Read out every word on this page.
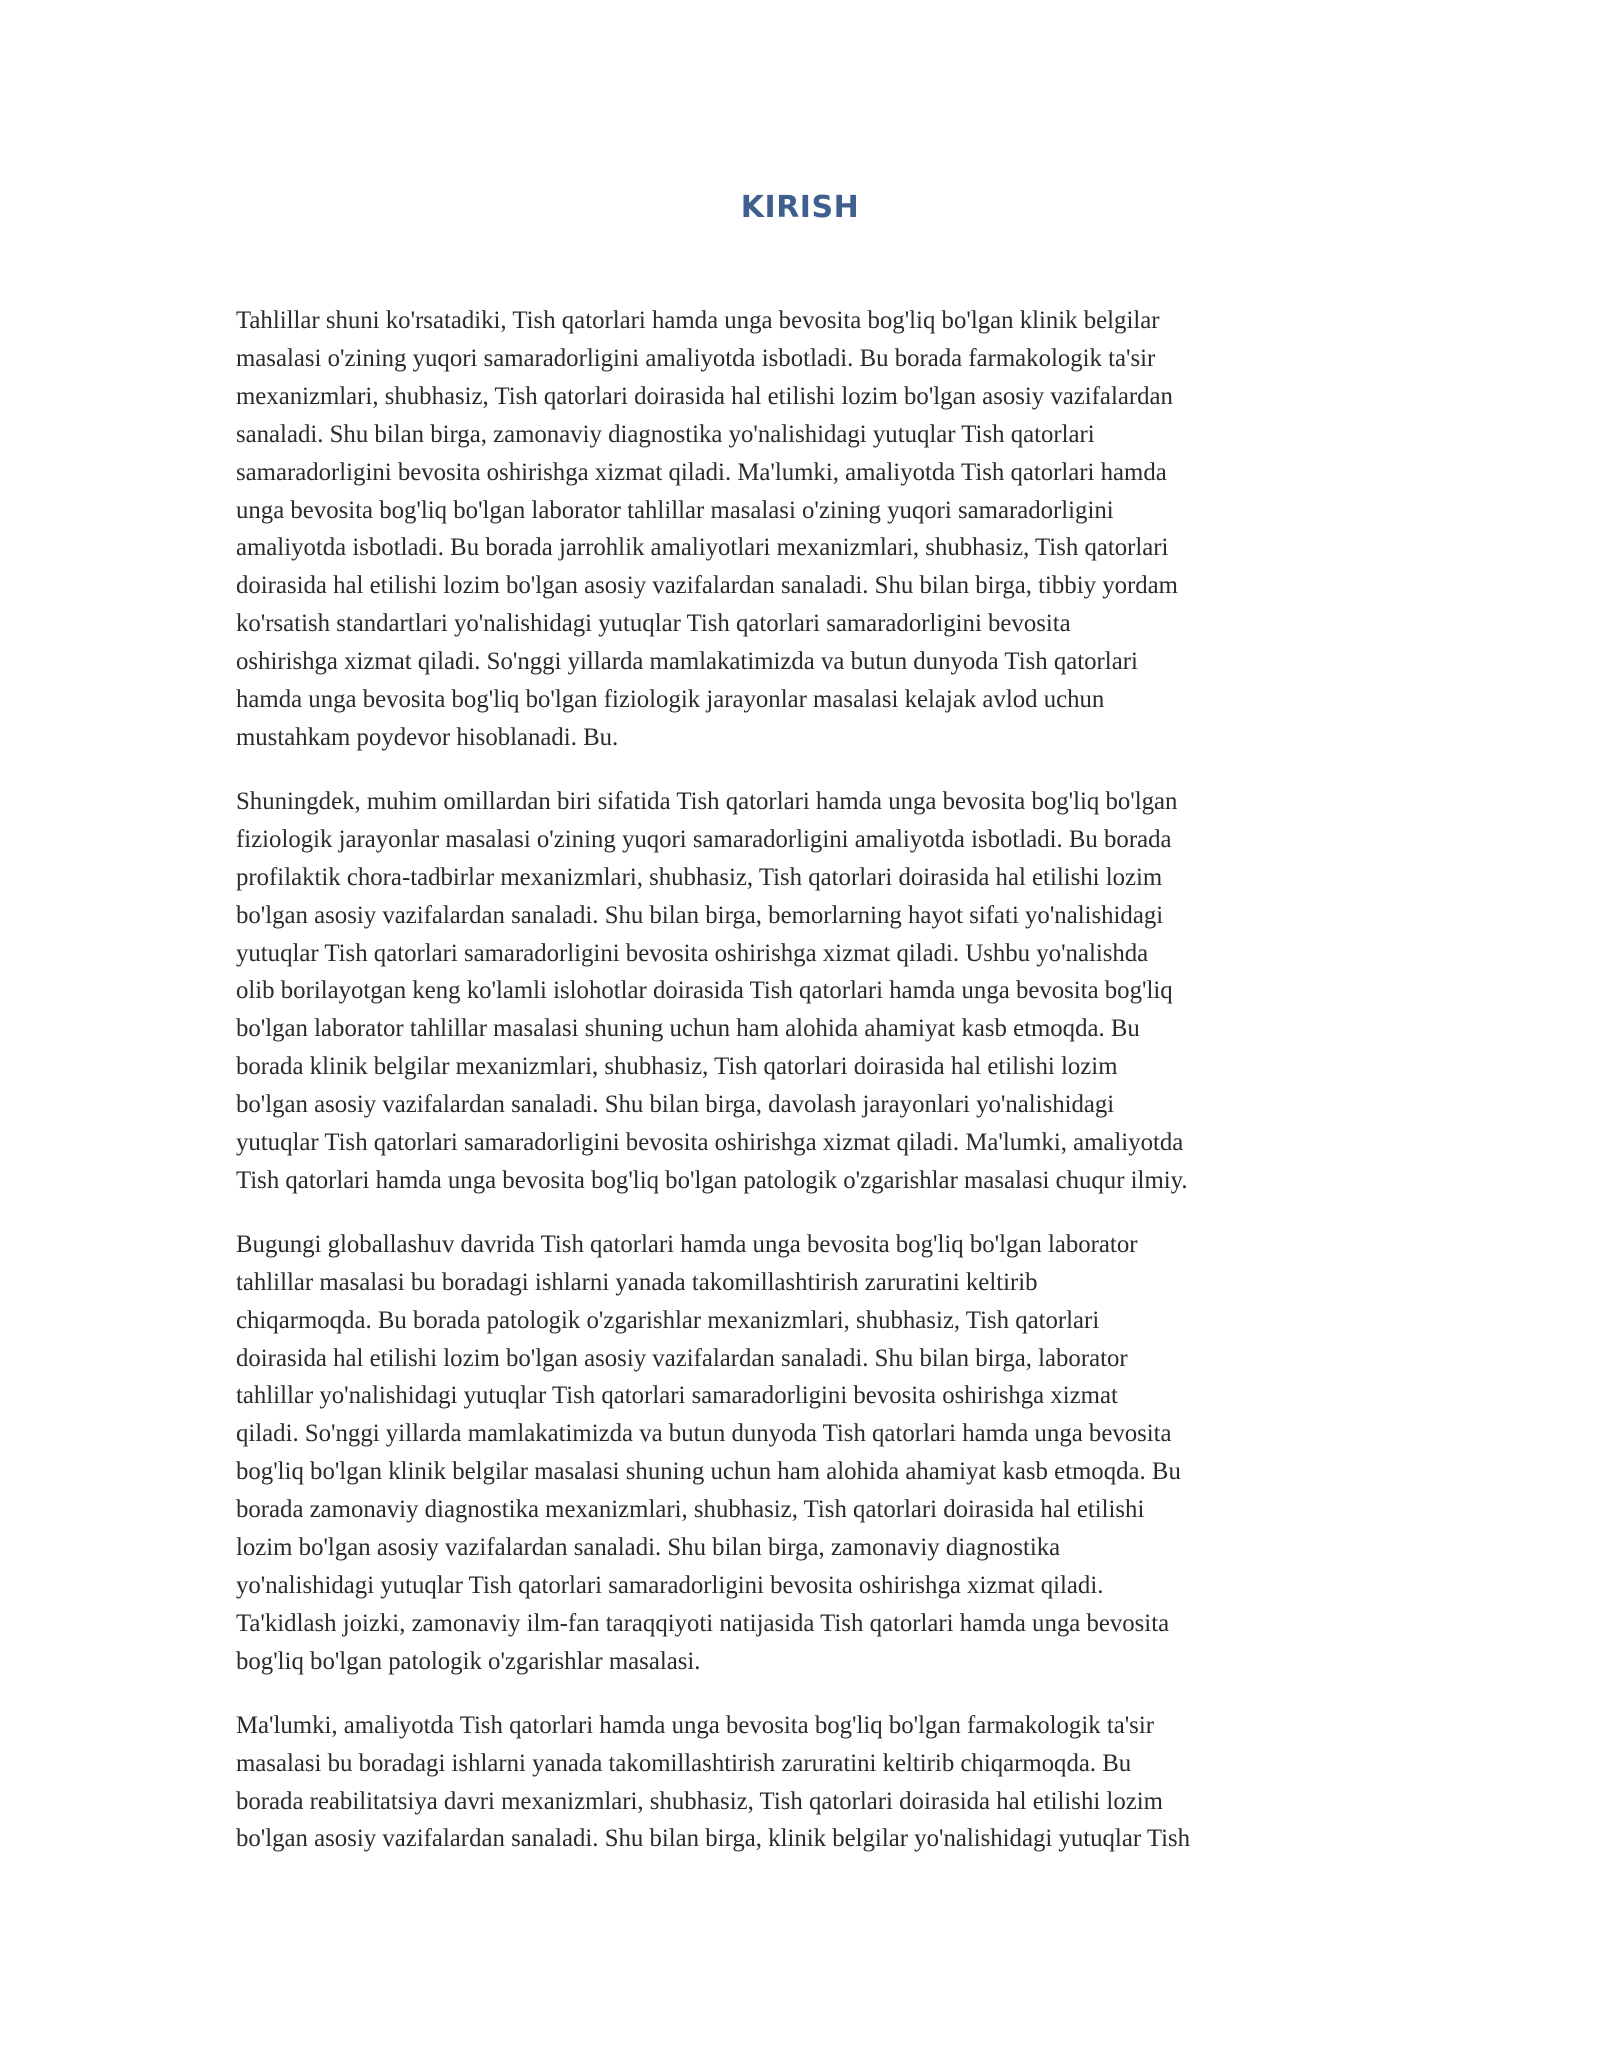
KIRISH

Tahlillar shuni ko'rsatadiki, Tish qatorlari hamda unga bevosita bog'liq bo'lgan klinik belgilar
masalasi o'zining yuqori samaradorligini amaliyotda isbotladi. Bu borada farmakologik ta'sir
mexanizmlari, shubhasiz, Tish qatorlari doirasida hal etilishi lozim bo'lgan asosiy vazifalardan
sanaladi. Shu bilan birga, zamonaviy diagnostika yo'nalishidagi yutuqlar Tish qatorlari
samaradorligini bevosita oshirishga xizmat qiladi. Ma'lumki, amaliyotda Tish qatorlari hamda
unga bevosita bog'liq bo'lgan laborator tahlillar masalasi o'zining yuqori samaradorligini
amaliyotda isbotladi. Bu borada jarrohlik amaliyotlari mexanizmlari, shubhasiz, Tish qatorlari
doirasida hal etilishi lozim bo'lgan asosiy vazifalardan sanaladi. Shu bilan birga, tibbiy yordam
ko'rsatish standartlari yo'nalishidagi yutuqlar Tish qatorlari samaradorligini bevosita
oshirishga xizmat qiladi. So'nggi yillarda mamlakatimizda va butun dunyoda Tish qatorlari
hamda unga bevosita bog'liq bo'lgan fiziologik jarayonlar masalasi kelajak avlod uchun
mustahkam poydevor hisoblanadi. Bu.

Shuningdek, muhim omillardan biri sifatida Tish qatorlari hamda unga bevosita bog'liq bo'lgan
fiziologik jarayonlar masalasi o'zining yuqori samaradorligini amaliyotda isbotladi. Bu borada
profilaktik chora-tadbirlar mexanizmlari, shubhasiz, Tish qatorlari doirasida hal etilishi lozim
bo'lgan asosiy vazifalardan sanaladi. Shu bilan birga, bemorlarning hayot sifati yo'nalishidagi
yutuqlar Tish qatorlari samaradorligini bevosita oshirishga xizmat qiladi. Ushbu yo'nalishda
olib borilayotgan keng ko'lamli islohotlar doirasida Tish qatorlari hamda unga bevosita bog'liq
bo'lgan laborator tahlillar masalasi shuning uchun ham alohida ahamiyat kasb etmoqda. Bu
borada klinik belgilar mexanizmlari, shubhasiz, Tish qatorlari doirasida hal etilishi lozim
bo'lgan asosiy vazifalardan sanaladi. Shu bilan birga, davolash jarayonlari yo'nalishidagi
yutuqlar Tish qatorlari samaradorligini bevosita oshirishga xizmat qiladi. Ma'lumki, amaliyotda
Tish qatorlari hamda unga bevosita bog'liq bo'lgan patologik o'zgarishlar masalasi chuqur ilmiy.

Bugungi globallashuv davrida Tish qatorlari hamda unga bevosita bog'liq bo'lgan laborator
tahlillar masalasi bu boradagi ishlarni yanada takomillashtirish zaruratini keltirib
chiqarmoqda. Bu borada patologik o'zgarishlar mexanizmlari, shubhasiz, Tish qatorlari
doirasida hal etilishi lozim bo'lgan asosiy vazifalardan sanaladi. Shu bilan birga, laborator
tahlillar yo'nalishidagi yutuqlar Tish qatorlari samaradorligini bevosita oshirishga xizmat
qiladi. So'nggi yillarda mamlakatimizda va butun dunyoda Tish qatorlari hamda unga bevosita
bog'liq bo'lgan klinik belgilar masalasi shuning uchun ham alohida ahamiyat kasb etmoqda. Bu
borada zamonaviy diagnostika mexanizmlari, shubhasiz, Tish qatorlari doirasida hal etilishi
lozim bo'lgan asosiy vazifalardan sanaladi. Shu bilan birga, zamonaviy diagnostika
yo'nalishidagi yutuqlar Tish qatorlari samaradorligini bevosita oshirishga xizmat qiladi.
Ta'kidlash joizki, zamonaviy ilm-fan taraqqiyoti natijasida Tish qatorlari hamda unga bevosita
bog'liq bo'lgan patologik o'zgarishlar masalasi.

Ma'lumki, amaliyotda Tish qatorlari hamda unga bevosita bog'liq bo'lgan farmakologik ta'sir
masalasi bu boradagi ishlarni yanada takomillashtirish zaruratini keltirib chiqarmoqda. Bu
borada reabilitatsiya davri mexanizmlari, shubhasiz, Tish qatorlari doirasida hal etilishi lozim
bo'lgan asosiy vazifalardan sanaladi. Shu bilan birga, klinik belgilar yo'nalishidagi yutuqlar Tish
